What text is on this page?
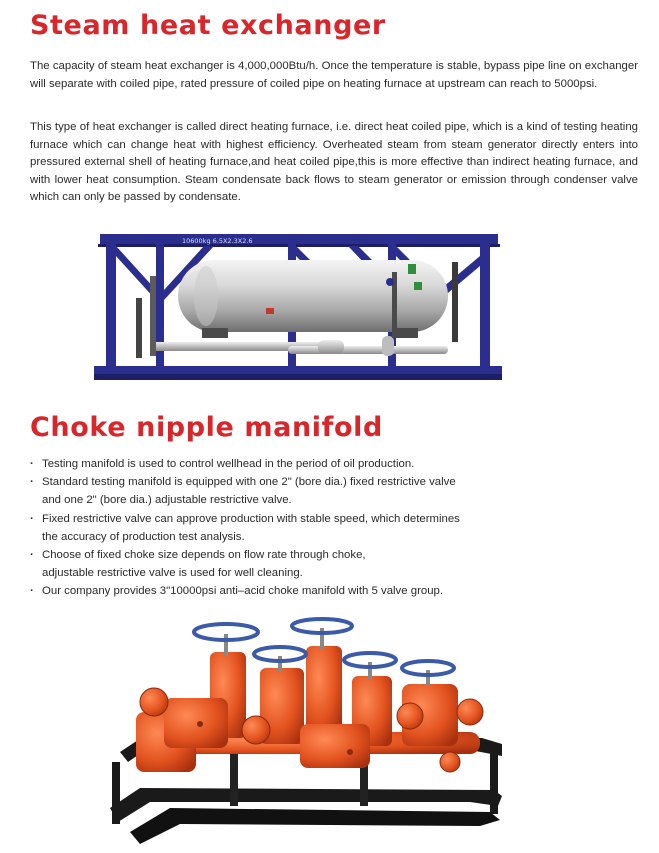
Steam heat exchanger

The capacity of steam heat exchanger is 4,000,000Btu/h. Once the temperature is stable, bypass pipe line on exchanger will separate with coiled pipe, rated pressure of coiled pipe on heating furnace at upstream can reach to 5000psi.

This type of heat exchanger is called direct heating furnace, i.e. direct heat coiled pipe, which is a kind of testing heating furnace which can change heat with highest efficiency. Overheated steam from steam generator directly enters into pressured external shell of heating furnace,and heat coiled pipe,this is more effective than indirect heating furnace, and with lower heat consumption. Steam condensate back flows to steam generator or emission through condenser valve which can only be passed by condensate.

10600kg 6.5X2.3X2.6
Choke nipple manifold
· Testing manifold is used to control wellhead in the period of oil production.
· Standard testing manifold is equipped with one 2" (bore dia.) fixed restrictive valve
and one 2" (bore dia.) adjustable restrictive valve.
· Fixed restrictive valve can approve production with stable speed, which determines
the accuracy of production test analysis.
· Choose of fixed choke size depends on flow rate through choke,
adjustable restrictive valve is used for well cleaning.
· Our company provides 3"10000psi anti–acid choke manifold with 5 valve group.
